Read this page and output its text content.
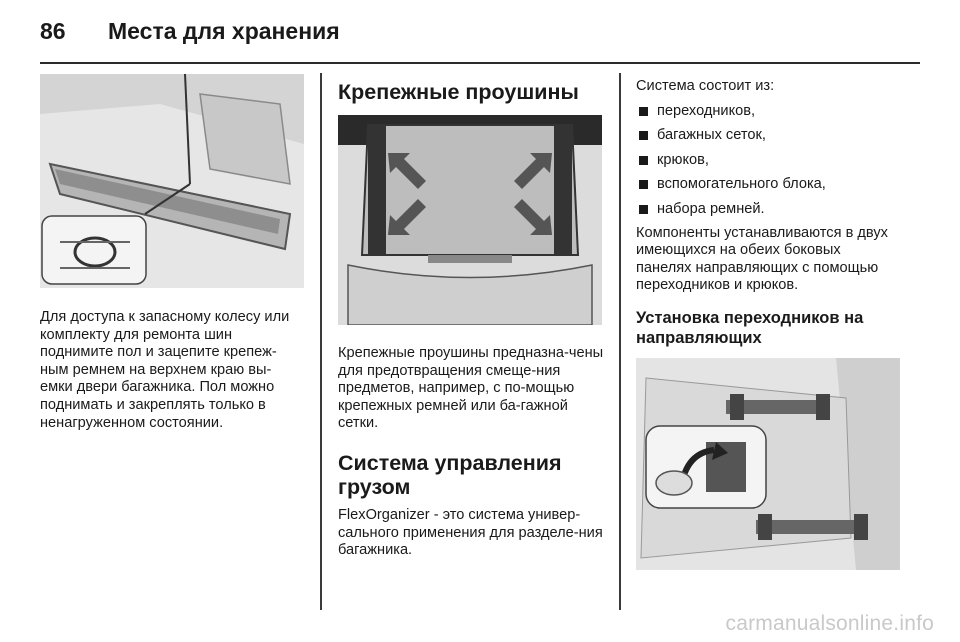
86	Места для хранения

Для доступа к запасному колесу или комплекту для ремонта шин поднимите пол и зацепите крепеж-ным ремнем на верхнем краю вы-емки двери багажника. Пол можно поднимать и закреплять только в ненагруженном состоянии.

Крепежные проушины

Крепежные проушины предназна-чены для предотвращения смеще-ния предметов, например, с по-мощью крепежных ремней или ба-гажной сетки.

Система управления грузом

FlexOrganizer - это система универ-сального применения для разделе-ния багажника.

Система состоит из:

переходников,
багажных сеток,
крюков,
вспомогательного блока,
набора ремней.

Компоненты устанавливаются в двух имеющихся на обеих боковых панелях направляющих с помощью переходников и крюков.

Установка переходников на направляющих
carmanualsonline.info
